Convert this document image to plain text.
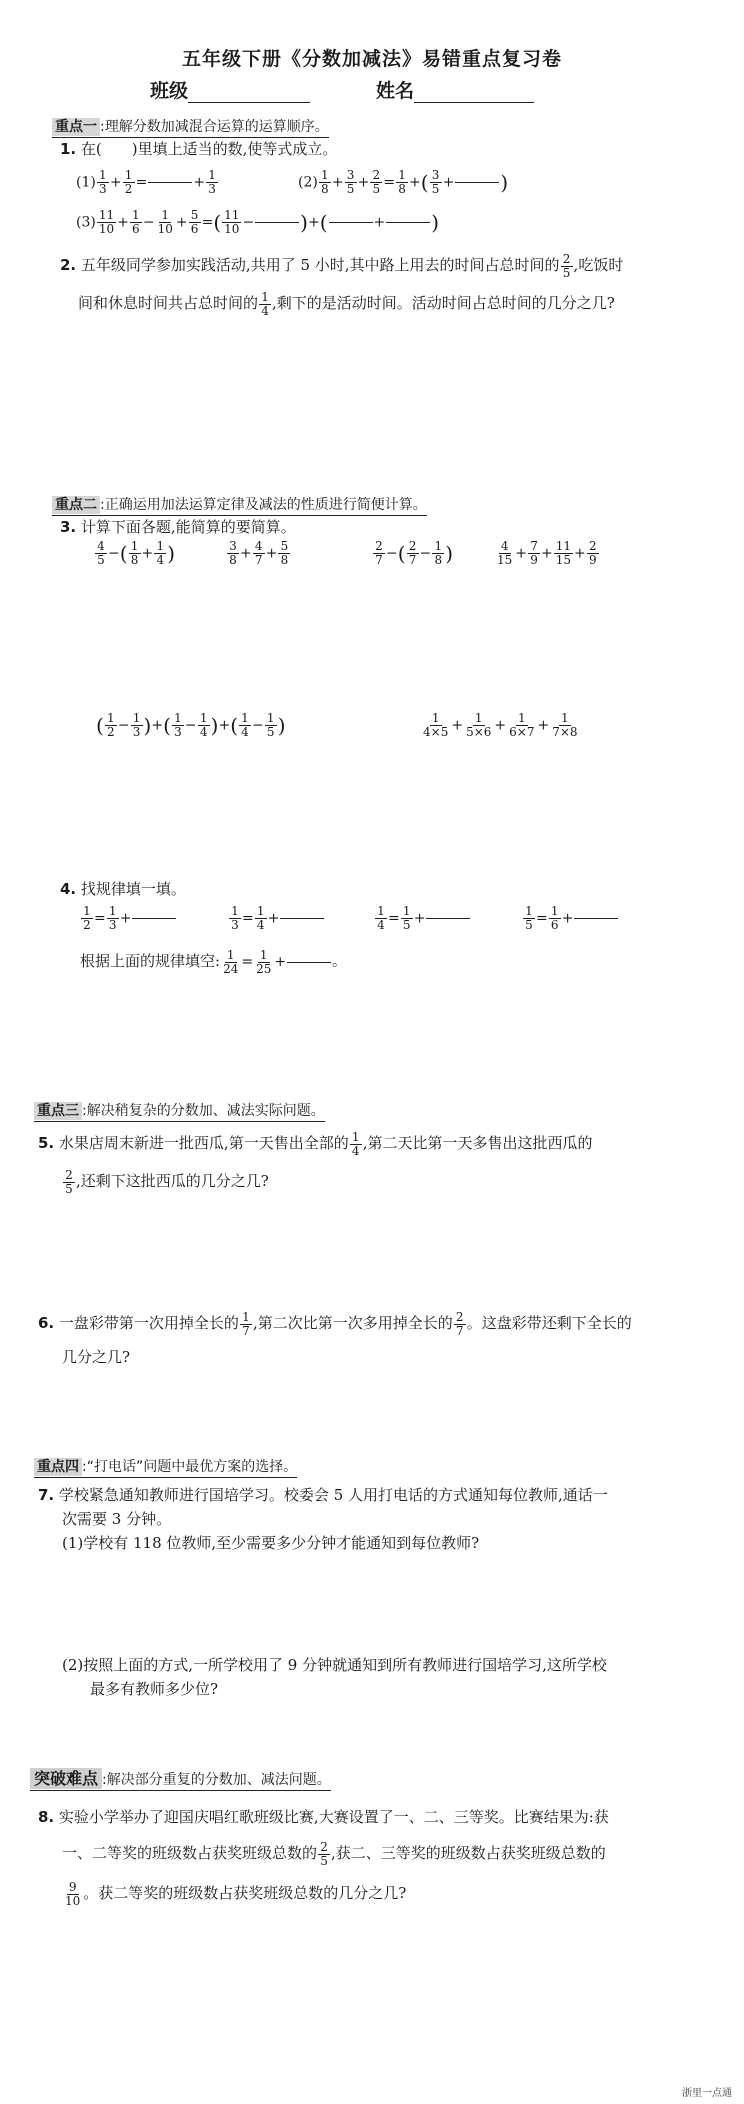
五年级下册《分数加减法》易错重点复习卷
班级	姓名
重点一 :理解分数加减混合运算的运算顺序。
1. 在(　　)里填上适当的数,使等式成立。
$(1) \frac{1}{3} + \frac{1}{2}$ =	+ $\frac{1}{3}$	$(2) \frac{1}{8} + \frac{3}{5} + \frac{2}{5} = \frac{1}{8}$ +( $\frac{3}{5}$ + )
$(3) \frac{11}{10} + \frac{1}{6} - \frac{1}{10} + \frac{5}{6}$ =( $\frac{11}{10}$ − )+(	+ )
2. 五年级同学参加实践活动,共用了 5 小时,其中路上用去的时间占总时间的 $\frac{2}{5}$ ,吃饭时
间和休息时间共占总时间的 $\frac{1}{4}$ ,剩下的是活动时间。活动时间占总时间的几分之几?
重点二 :正确运用加法运算定律及减法的性质进行简便计算。
3. 计算下面各题,能简算的要简算。
$\frac{4}{5}$ −( $\frac{1}{8} + \frac{1}{4}$ )	$\frac{3}{8} + \frac{4}{7} + \frac{5}{8}$	$\frac{2}{7}$ −( $\frac{2}{7} - \frac{1}{8}$ )	$\frac{4}{15} + \frac{7}{9} + \frac{11}{15} + \frac{2}{9}$
( $\frac{1}{2} - \frac{1}{3}$ )+( $\frac{1}{3} - \frac{1}{4}$ )+( $\frac{1}{4} - \frac{1}{5}$ )	$\frac{1}{4\times 5} + \frac{1}{5\times 6} + \frac{1}{6\times 7} + \frac{1}{7\times 8}$
4. 找规律填一填。
$\frac{1}{2} = \frac{1}{3}$ +	$\frac{1}{3} = \frac{1}{4}$ +	$\frac{1}{4} = \frac{1}{5}$ +	$\frac{1}{5} = \frac{1}{6}$ +
根据上面的规律填空: $\frac{1}{24} = \frac{1}{25}$ +	。
重点三 :解决稍复杂的分数加、减法实际问题。
5. 水果店周末新进一批西瓜,第一天售出全部的 $\frac{1}{4}$ ,第二天比第一天多售出这批西瓜的
$\frac{2}{5}$ ,还剩下这批西瓜的几分之几?
6. 一盘彩带第一次用掉全长的 $\frac{1}{7}$ ,第二次比第一次多用掉全长的 $\frac{2}{7}$ 。这盘彩带还剩下全长的
几分之几?
重点四 :“打电话”问题中最优方案的选择。
7. 学校紧急通知教师进行国培学习。校委会 5 人用打电话的方式通知每位教师,通话一
次需要 3 分钟。
(1)学校有 118 位教师,至少需要多少分钟才能通知到每位教师?
(2)按照上面的方式,一所学校用了 9 分钟就通知到所有教师进行国培学习,这所学校
最多有教师多少位?
突破难点 :解决部分重复的分数加、减法问题。
8. 实验小学举办了迎国庆唱红歌班级比赛,大赛设置了一、二、三等奖。比赛结果为:获
一、二等奖的班级数占获奖班级总数的 $\frac{2}{5}$ ,获二、三等奖的班级数占获奖班级总数的
$\frac{9}{10}$ 。获二等奖的班级数占获奖班级总数的几分之几?
浙里一点通
